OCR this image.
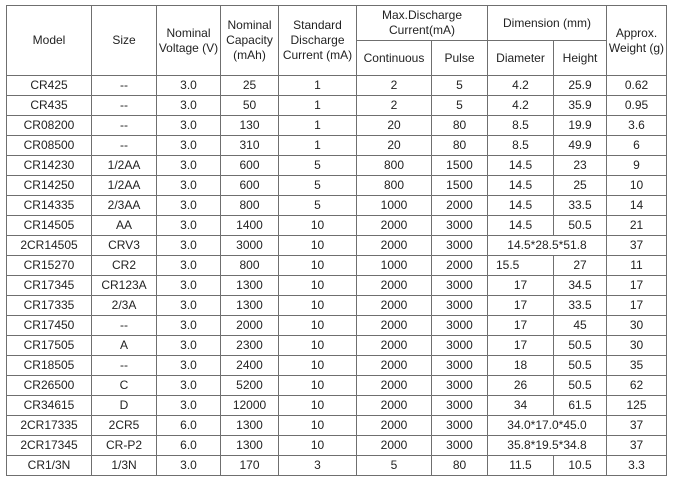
Model	Size	Nominal Voltage (V)	Nominal Capacity (mAh)	Standard Discharge Current (mA)	Max.Discharge Current(mA)		Dimension (mm)		Approx. Weight (g)
					Continuous	Pulse	Diameter	Height	
CR425	--	3.0	25	1	2	5	4.2	25.9	0.62
CR435	--	3.0	50	1	2	5	4.2	35.9	0.95
CR08200	--	3.0	130	1	20	80	8.5	19.9	3.6
CR08500	--	3.0	310	1	20	80	8.5	49.9	6
CR14230	1/2AA	3.0	600	5	800	1500	14.5	23	9
CR14250	1/2AA	3.0	600	5	800	1500	14.5	25	10
CR14335	2/3AA	3.0	800	5	1000	2000	14.5	33.5	14
CR14505	AA	3.0	1400	10	2000	3000	14.5	50.5	21
2CR14505	CRV3	3.0	3000	10	2000	3000	14.5*28.5*51.8		37
CR15270	CR2	3.0	800	10	1000	2000	15.5	27	11
CR17345	CR123A	3.0	1300	10	2000	3000	17	34.5	17
CR17335	2/3A	3.0	1300	10	2000	3000	17	33.5	17
CR17450	--	3.0	2000	10	2000	3000	17	45	30
CR17505	A	3.0	2300	10	2000	3000	17	50.5	30
CR18505	--	3.0	2400	10	2000	3000	18	50.5	35
CR26500	C	3.0	5200	10	2000	3000	26	50.5	62
CR34615	D	3.0	12000	10	2000	3000	34	61.5	125
2CR17335	2CR5	6.0	1300	10	2000	3000	34.0*17.0*45.0		37
2CR17345	CR-P2	6.0	1300	10	2000	3000	35.8*19.5*34.8		37
CR1/3N	1/3N	3.0	170	3	5	80	11.5	10.5	3.3
